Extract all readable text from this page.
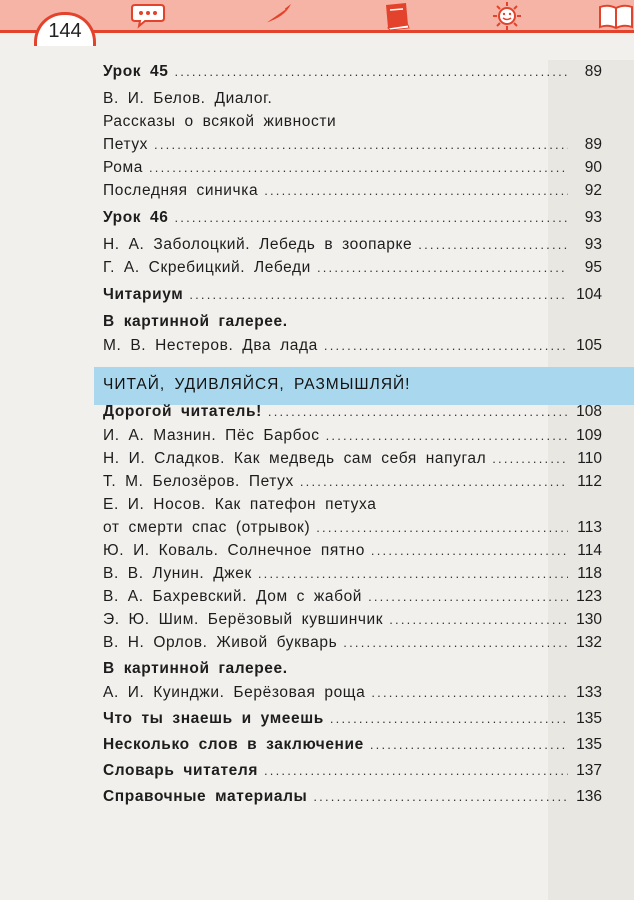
144
ЧИТАЙ, УДИВЛЯЙСЯ, РАЗМЫШЛЯЙ!
Урок 45 .....	89
В. И. Белов. Диалог.
Рассказы о всякой живности
Петух .....	89
Рома .....	90
Последняя синичка .....	92
Урок 46 .....	93
Н. А. Заболоцкий. Лебедь в зоопарке .....	93
Г. А. Скребицкий. Лебеди .....	95
Читариум .....	104
В картинной галерее.
М. В. Нестеров. Два лада .....	105
Дорогой читатель! .....	108
И. А. Мазнин. Пёс Барбос .....	109
Н. И. Сладков. Как медведь сам себя напугал .....	110
Т. М. Белозёров. Петух .....	112
Е. И. Носов. Как патефон петуха
от смерти спас (отрывок) .....	113
Ю. И. Коваль. Солнечное пятно .....	114
В. В. Лунин. Джек .....	118
В. А. Бахревский. Дом с жабой .....	123
Э. Ю. Шим. Берёзовый кувшинчик .....	130
В. Н. Орлов. Живой букварь .....	132
В картинной галерее.
А. И. Куинджи. Берёзовая роща .....	133
Что ты знаешь и умеешь .....	135
Несколько слов в заключение .....	135
Словарь читателя .....	137
Справочные материалы .....	136
